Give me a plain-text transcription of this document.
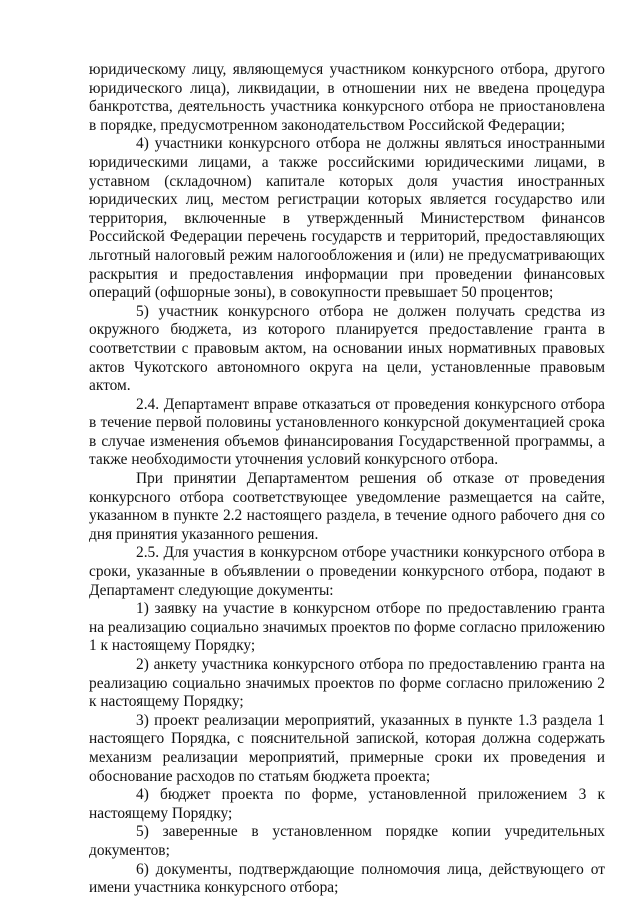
юридическому лицу, являющемуся участником конкурсного отбора, другого юридического лица), ликвидации, в отношении них не введена процедура банкротства, деятельность участника конкурсного отбора не приостановлена в порядке, предусмотренном законодательством Российской Федерации;

4) участники конкурсного отбора не должны являться иностранными юридическими лицами, а также российскими юридическими лицами, в уставном (складочном) капитале которых доля участия иностранных юридических лиц, местом регистрации которых является государство или территория, включенные в утвержденный Министерством финансов Российской Федерации перечень государств и территорий, предоставляющих льготный налоговый режим налогообложения и (или) не предусматривающих раскрытия и предоставления информации при проведении финансовых операций (офшорные зоны), в совокупности превышает 50 процентов;

5) участник конкурсного отбора не должен получать средства из окружного бюджета, из которого планируется предоставление гранта в соответствии с правовым актом, на основании иных нормативных правовых актов Чукотского автономного округа на цели, установленные правовым актом.

2.4. Департамент вправе отказаться от проведения конкурсного отбора в течение первой половины установленного конкурсной документацией срока в случае изменения объемов финансирования Государственной программы, а также необходимости уточнения условий конкурсного отбора.

При принятии Департаментом решения об отказе от проведения конкурсного отбора соответствующее уведомление размещается на сайте, указанном в пункте 2.2 настоящего раздела, в течение одного рабочего дня со дня принятия указанного решения.

2.5. Для участия в конкурсном отборе участники конкурсного отбора в сроки, указанные в объявлении о проведении конкурсного отбора, подают в Департамент следующие документы:

1) заявку на участие в конкурсном отборе по предоставлению гранта на реализацию социально значимых проектов по форме согласно приложению 1 к настоящему Порядку;

2) анкету участника конкурсного отбора по предоставлению гранта на реализацию социально значимых проектов по форме согласно приложению 2 к настоящему Порядку;

3) проект реализации мероприятий, указанных в пункте 1.3 раздела 1 настоящего Порядка, с пояснительной запиской, которая должна содержать механизм реализации мероприятий, примерные сроки их проведения и обоснование расходов по статьям бюджета проекта;

4) бюджет проекта по форме, установленной приложением 3 к настоящему Порядку;

5) заверенные в установленном порядке копии учредительных документов;

6) документы, подтверждающие полномочия лица, действующего от имени участника конкурсного отбора;
